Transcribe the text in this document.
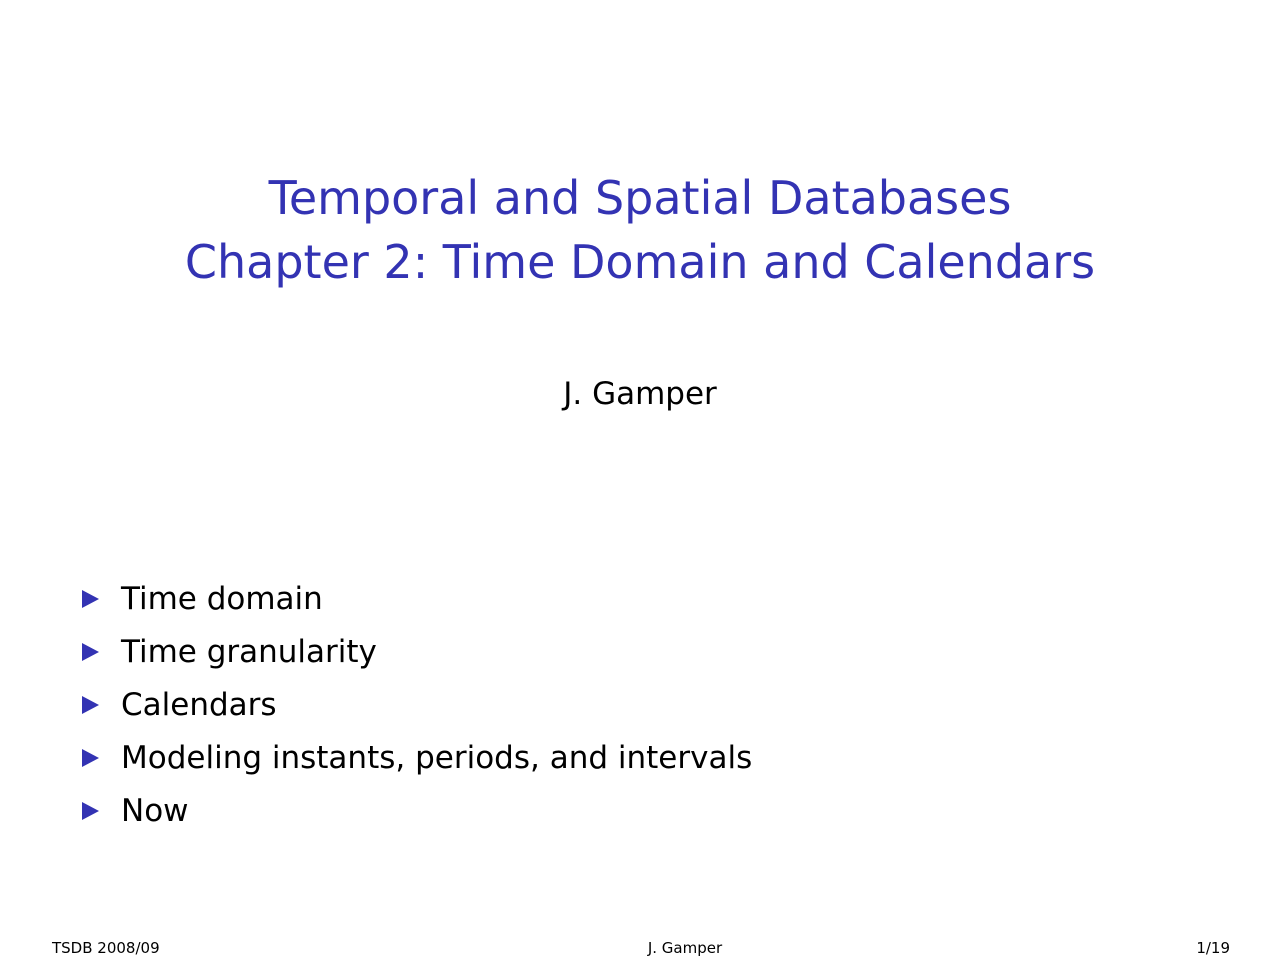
Temporal and Spatial Databases
Chapter 2: Time Domain and Calendars
J. Gamper
Time domain
Time granularity
Calendars
Modeling instants, periods, and intervals
Now
TSDB 2008/09	J. Gamper	1/19
